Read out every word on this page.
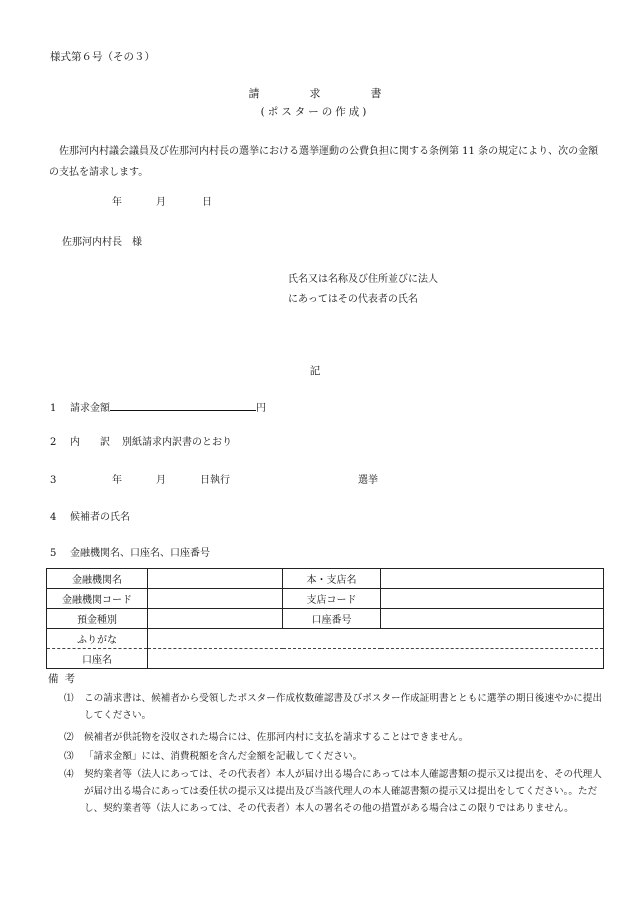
様式第６号（その３）
請求書
(ポスターの作成)
佐那河内村議会議員及び佐那河内村長の選挙における選挙運動の公費負担に関する条例第 11 条の規定により、次の金額の支払を請求します。
年	月	日
佐那河内村長　様
氏名又は名称及び住所並びに法人
にあってはその代表者の氏名
記
1 請求金額	円
2 内　　訳 別紙請求内訳書のとおり
3	年	月	日執行	選挙
4 候補者の氏名
5 金融機関名、口座名、口座番号
金融機関名		本・支店名	
金融機関コード		支店コード	
預金種別		口座番号	
ふりがな			
口座名			
備考
⑴	この請求書は、候補者から受領したポスター作成枚数確認書及びポスター作成証明書とともに選挙の期日後速やかに提出してください。
⑵	候補者が供託物を没収された場合には、佐那河内村に支払を請求することはできません。
⑶	「請求金額」には、消費税額を含んだ金額を記載してください。
⑷	契約業者等（法人にあっては、その代表者）本人が届け出る場合にあっては本人確認書類の提示又は提出を、その代理人が届け出る場合にあっては委任状の提示又は提出及び当該代理人の本人確認書類の提示又は提出をしてください。。ただし、契約業者等（法人にあっては、その代表者）本人の署名その他の措置がある場合はこの限りではありません。
